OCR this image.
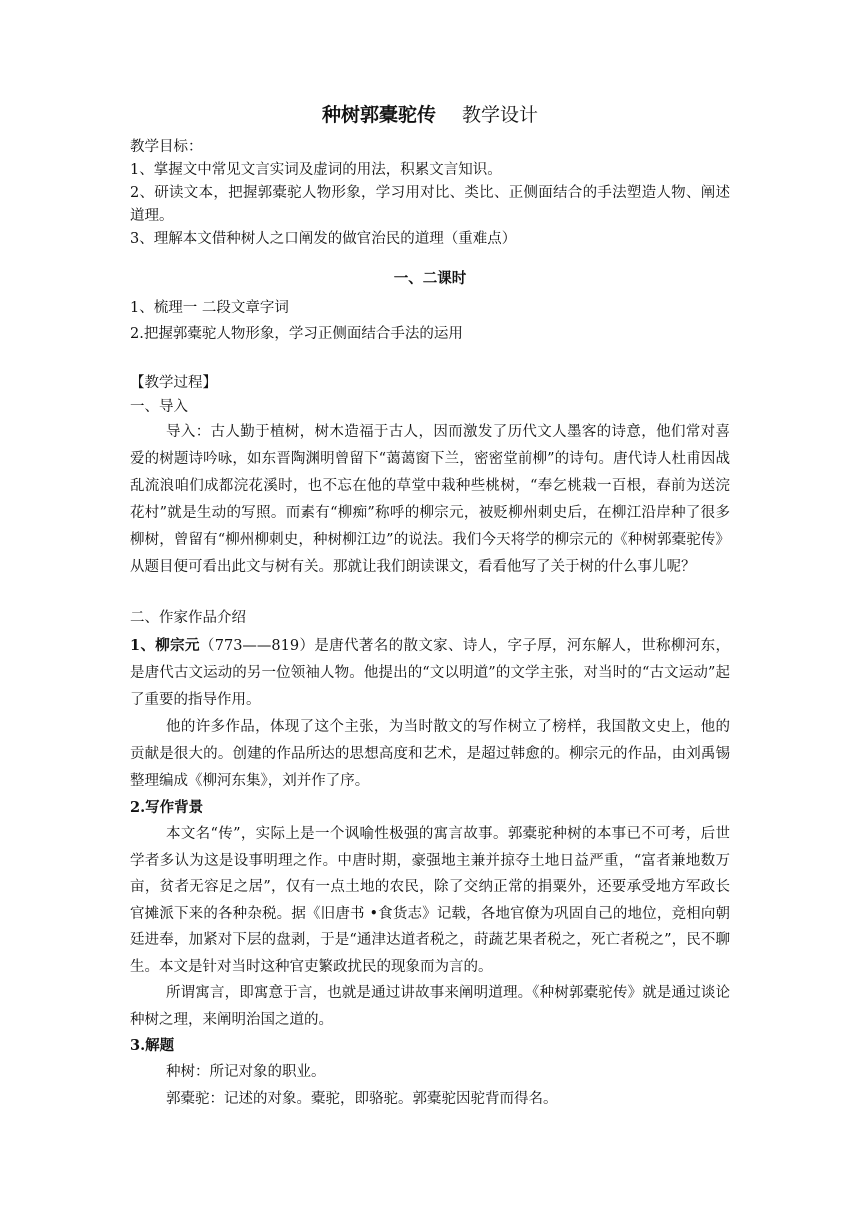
种树郭橐驼传 教学设计

教学目标：

1、掌握文中常见文言实词及虚词的用法，积累文言知识。

2、研读文本，把握郭橐驼人物形象，学习用对比、类比、正侧面结合的手法塑造人物、阐述道理。

3、理解本文借种树人之口阐发的做官治民的道理（重难点）

一、二课时

1、梳理一 二段文章字词

2.把握郭橐驼人物形象，学习正侧面结合手法的运用

【教学过程】

一、导入

导入：古人勤于植树，树木造福于古人，因而激发了历代文人墨客的诗意，他们常对喜爱的树题诗吟咏，如东晋陶渊明曾留下“蔼蔼窗下兰，密密堂前柳”的诗句。唐代诗人杜甫因战乱流浪咱们成都浣花溪时，也不忘在他的草堂中栽种些桃树，“奉乞桃栽一百根，春前为送浣花村”就是生动的写照。而素有“柳痴”称呼的柳宗元，被贬柳州刺史后，在柳江沿岸种了很多柳树，曾留有“柳州柳刺史，种树柳江边”的说法。我们今天将学的柳宗元的《种树郭橐驼传》从题目便可看出此文与树有关。那就让我们朗读课文，看看他写了关于树的什么事儿呢？

二、作家作品介绍

1、柳宗元（773——819）是唐代著名的散文家、诗人，字子厚，河东解人，世称柳河东，是唐代古文运动的另一位领袖人物。他提出的“文以明道”的文学主张，对当时的“古文运动”起了重要的指导作用。

他的许多作品，体现了这个主张，为当时散文的写作树立了榜样，我国散文史上，他的贡献是很大的。创建的作品所达的思想高度和艺术，是超过韩愈的。柳宗元的作品，由刘禹锡整理编成《柳河东集》，刘并作了序。

2.写作背景

本文名“传”，实际上是一个讽喻性极强的寓言故事。郭橐驼种树的本事已不可考，后世学者多认为这是设事明理之作。中唐时期，豪强地主兼并掠夺土地日益严重，“富者兼地数万亩，贫者无容足之居”，仅有一点土地的农民，除了交纳正常的捐粟外，还要承受地方军政长官摊派下来的各种杂税。据《旧唐书 •食货志》记载，各地官僚为巩固自己的地位，竞相向朝廷进奉，加紧对下层的盘剥，于是“通津达道者税之，莳蔬艺果者税之，死亡者税之”，民不聊生。本文是针对当时这种官吏繁政扰民的现象而为言的。

所谓寓言，即寓意于言，也就是通过讲故事来阐明道理。《种树郭橐驼传》就是通过谈论种树之理，来阐明治国之道的。

3.解题

种树：所记对象的职业。

郭橐驼：记述的对象。橐驼，即骆驼。郭橐驼因驼背而得名。
